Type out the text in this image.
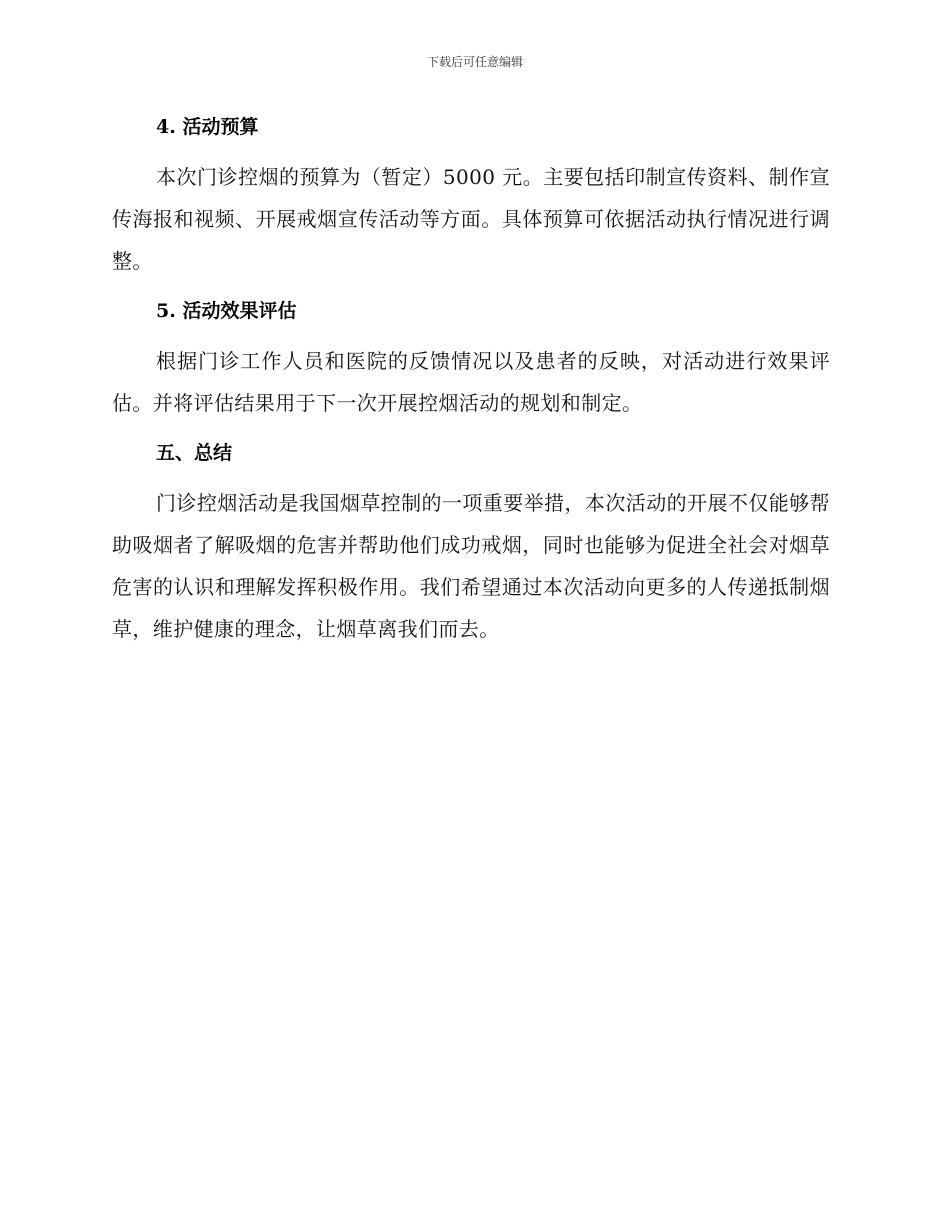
下载后可任意编辑
4. 活动预算

本次门诊控烟的预算为（暂定）5000 元。主要包括印制宣传资料、制作宣传海报和视频、开展戒烟宣传活动等方面。具体预算可依据活动执行情况进行调整。

5. 活动效果评估

根据门诊工作人员和医院的反馈情况以及患者的反映，对活动进行效果评估。并将评估结果用于下一次开展控烟活动的规划和制定。

五、总结

门诊控烟活动是我国烟草控制的一项重要举措，本次活动的开展不仅能够帮助吸烟者了解吸烟的危害并帮助他们成功戒烟，同时也能够为促进全社会对烟草危害的认识和理解发挥积极作用。我们希望通过本次活动向更多的人传递抵制烟草，维护健康的理念，让烟草离我们而去。
